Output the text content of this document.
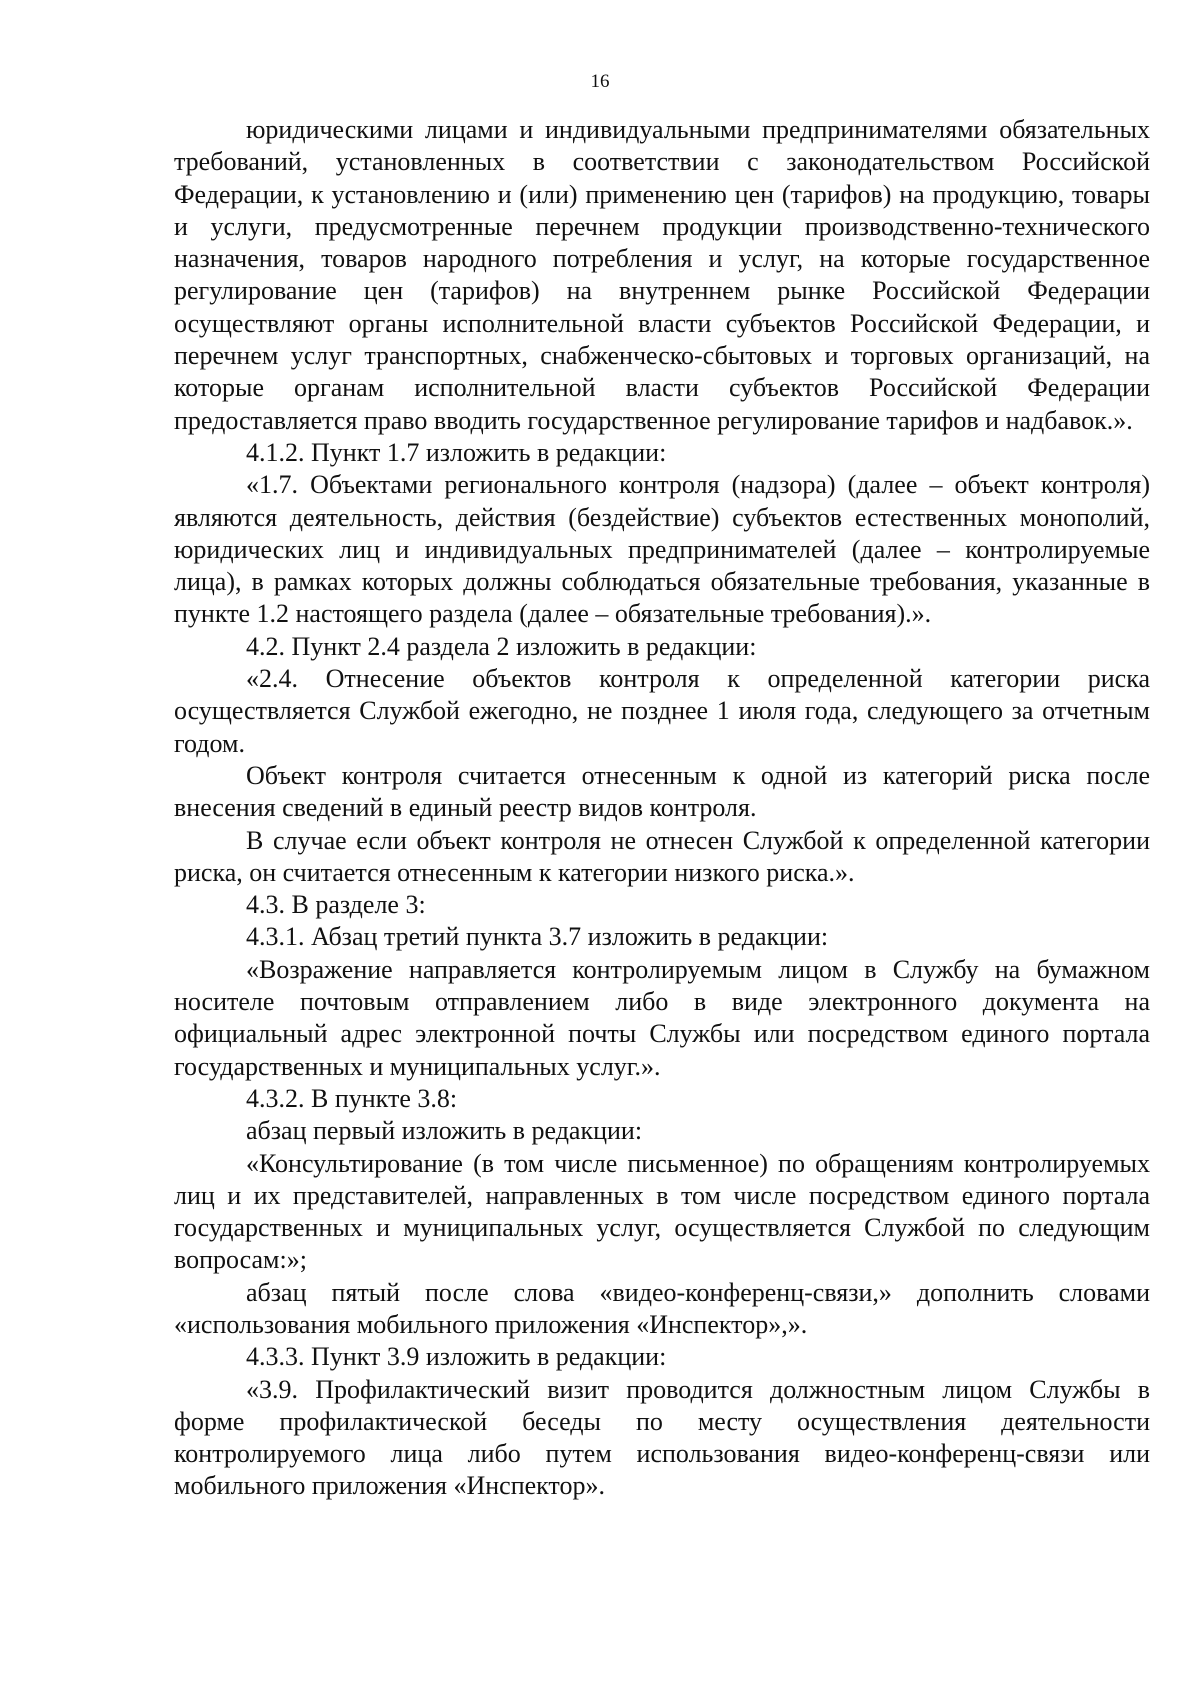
16

юридическими лицами и индивидуальными предпринимателями обязательных требований, установленных в соответствии с законодательством Российской Федерации, к установлению и (или) применению цен (тарифов) на продукцию, товары и услуги, предусмотренные перечнем продукции производственно-технического назначения, товаров народного потребления и услуг, на которые государственное регулирование цен (тарифов) на внутреннем рынке Российской Федерации осуществляют органы исполнительной власти субъектов Российской Федерации, и перечнем услуг транспортных, снабженческо-сбытовых и торговых организаций, на которые органам исполнительной власти субъектов Российской Федерации предоставляется право вводить государственное регулирование тарифов и надбавок.».

4.1.2. Пункт 1.7 изложить в редакции:

«1.7. Объектами регионального контроля (надзора) (далее – объект контроля) являются деятельность, действия (бездействие) субъектов естественных монополий, юридических лиц и индивидуальных предпринимателей (далее – контролируемые лица), в рамках которых должны соблюдаться обязательные требования, указанные в пункте 1.2 настоящего раздела (далее – обязательные требования).».

4.2. Пункт 2.4 раздела 2 изложить в редакции:

«2.4. Отнесение объектов контроля к определенной категории риска осуществляется Службой ежегодно, не позднее 1 июля года, следующего за отчетным годом.

Объект контроля считается отнесенным к одной из категорий риска после внесения сведений в единый реестр видов контроля.

В случае если объект контроля не отнесен Службой к определенной категории риска, он считается отнесенным к категории низкого риска.».

4.3. В разделе 3:

4.3.1. Абзац третий пункта 3.7 изложить в редакции:

«Возражение направляется контролируемым лицом в Службу на бумажном носителе почтовым отправлением либо в виде электронного документа на официальный адрес электронной почты Службы или посредством единого портала государственных и муниципальных услуг.».

4.3.2. В пункте 3.8:

абзац первый изложить в редакции:

«Консультирование (в том числе письменное) по обращениям контролируемых лиц и их представителей, направленных в том числе посредством единого портала государственных и муниципальных услуг, осуществляется Службой по следующим вопросам:»;

абзац пятый после слова «видео-конференц-связи,» дополнить словами «использования мобильного приложения «Инспектор»,».

4.3.3. Пункт 3.9 изложить в редакции:

«3.9. Профилактический визит проводится должностным лицом Службы в форме профилактической беседы по месту осуществления деятельности контролируемого лица либо путем использования видео-конференц-связи или мобильного приложения «Инспектор».
